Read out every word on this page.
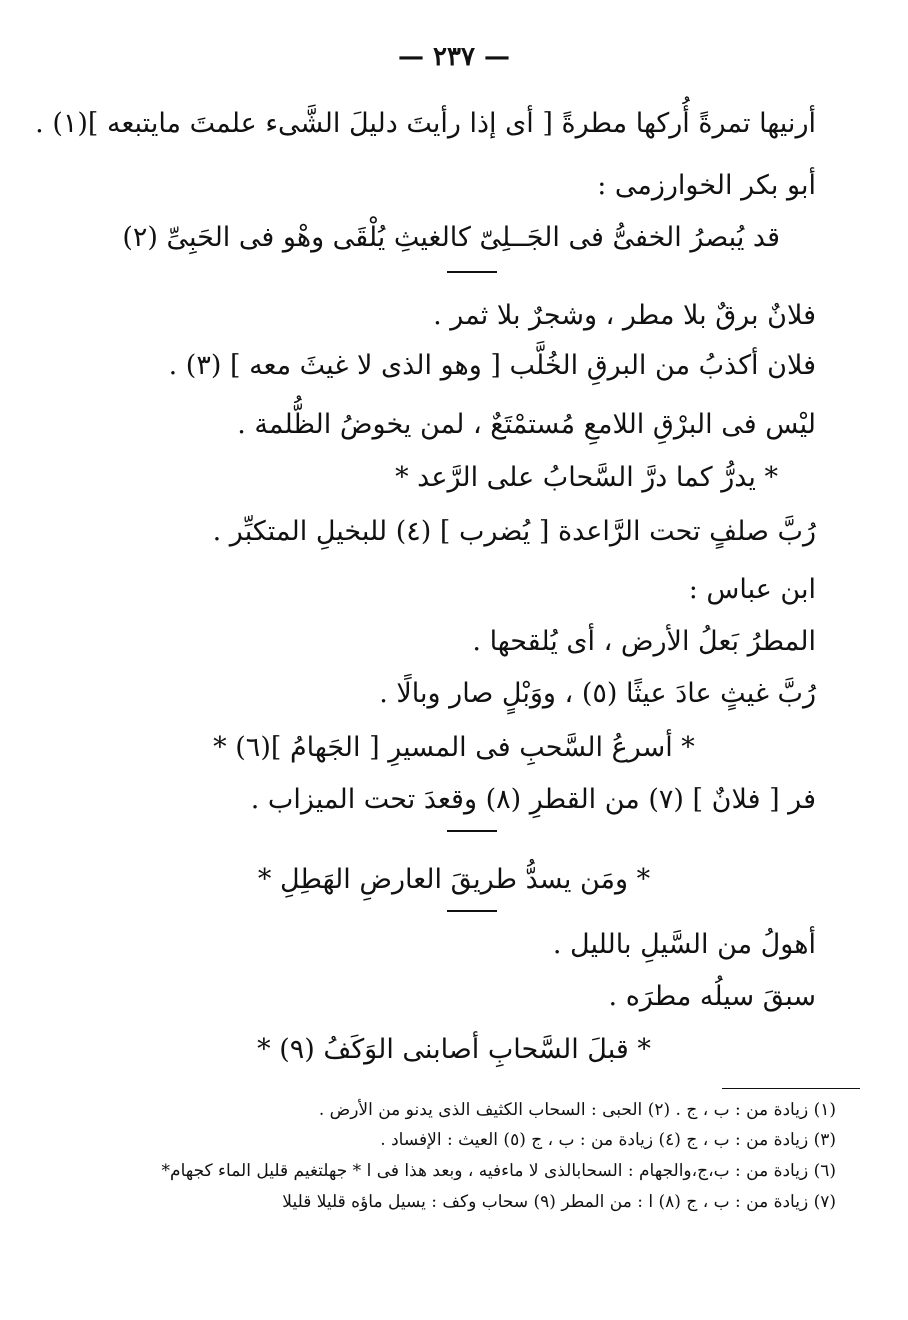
— ٢٣٧ —
أرنيها تمرةً أُركها مطرةً [ أى إذا رأيتَ دليلَ الشَّىء علمتَ مايتبعه ](١) .
أبو بكر الخوارزمى :
قد يُبصرُ الخفىُّ فى الجَــلِىّ كالغيثِ يُلْقَى وهْو فى الحَبِىِّ (٢)
فلانٌ برقٌ بلا مطر ، وشجرٌ بلا ثمر .
فلان أكذبُ من البرقِ الخُلَّب [ وهو الذى لا غيثَ معه ] (٣) .
ليْس فى البرْقِ اللامعِ مُستمْتَعٌ ، لمن يخوضُ الظُّلمة .
* يدرُّ كما درَّ السَّحابُ على الرَّعد *
رُبَّ صلفٍ تحت الرَّاعدة [ يُضرب ] (٤) للبخيلِ المتكبِّر .
ابن عباس :
المطرُ بَعلُ الأرض ، أى يُلقحها .
رُبَّ غيثٍ عادَ عيثًا (٥) ، ووَبْلٍ صار وبالًا .
* أسرعُ السَّحبِ فى المسيرِ [ الجَهامُ ](٦) *
فر [ فلانٌ ] (٧) من القطرِ (٨) وقعدَ تحت الميزاب .
* ومَن يسدُّ طريقَ العارضِ الهَطِلِ *
أهولُ من السَّيلِ بالليل .
سبقَ سيلُه مطرَه .
* قبلَ السَّحابِ أصابنى الوَكَفُ (٩) *
(١) زيادة من : ب ، ج . (٢) الحبى : السحاب الكثيف الذى يدنو من الأرض .
(٣) زيادة من : ب ، ج (٤) زيادة من : ب ، ج (٥) العيث : الإفساد .
(٦) زيادة من : ب،ج،والجهام : السحابالذى لا ماءفيه ، وبعد هذا فى ا * جهلتغيم قليل الماء كجهام*
(٧) زيادة من : ب ، ج (٨) ا : من المطر (٩) سحاب وكف : يسيل ماؤه قليلا قليلا
